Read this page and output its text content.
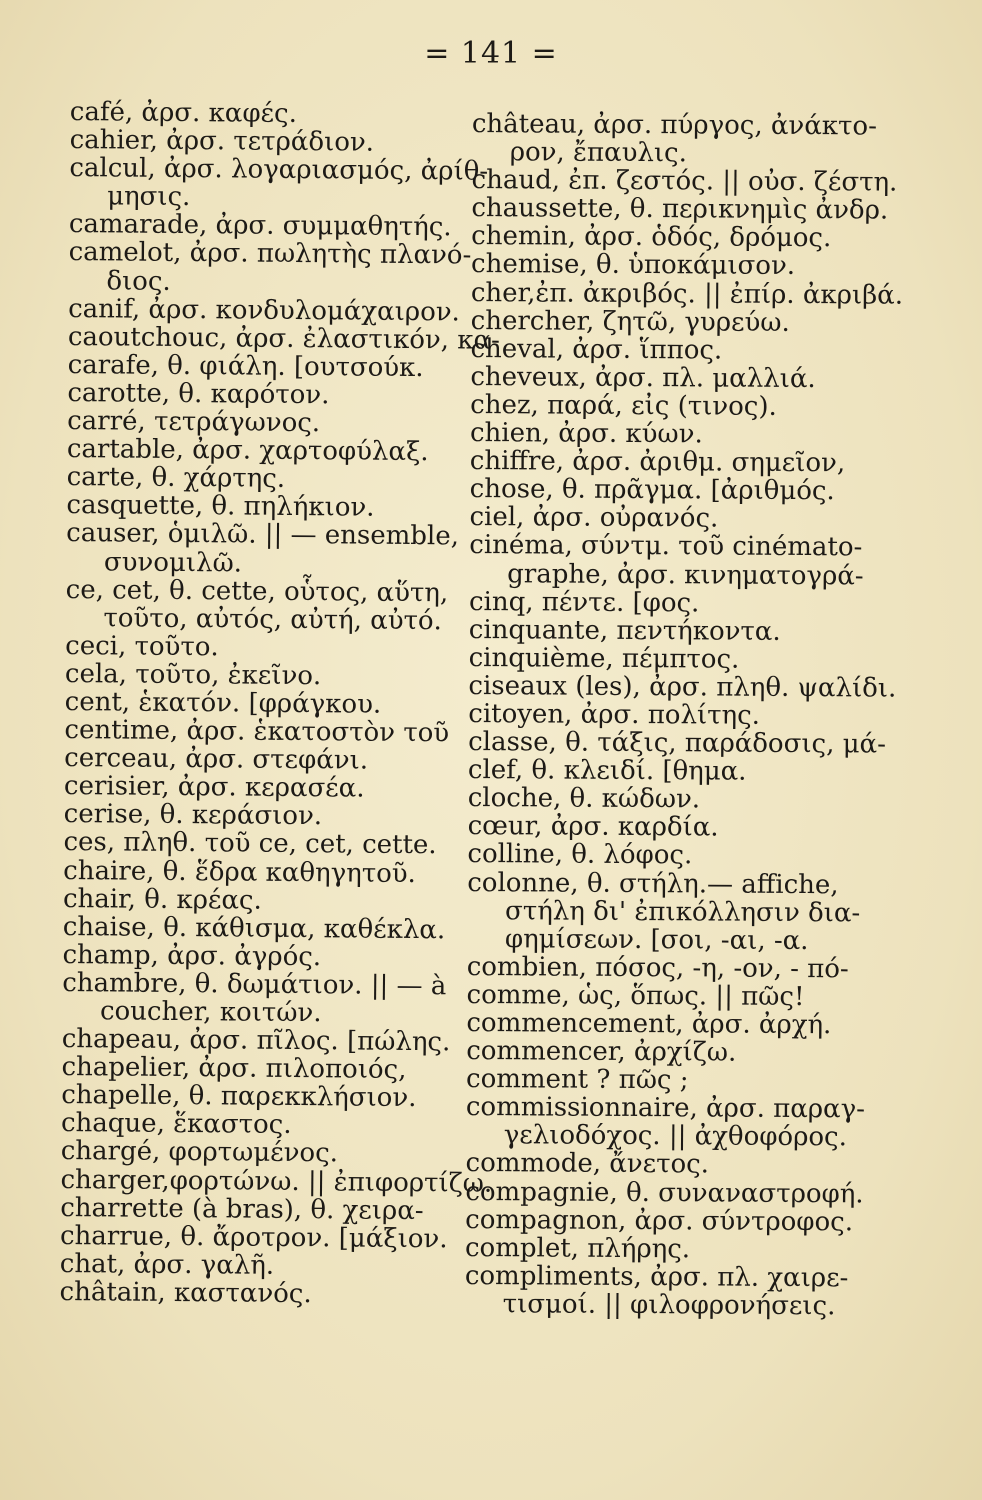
= 141 =
café, ἀρσ. καφές.
cahier, ἀρσ. τετράδιον.
calcul, ἀρσ. λογαριασμός, ἀρίθ-
μησις.
camarade, ἀρσ. συμμαθητής.
camelot, ἀρσ. πωλητὴς πλανό-
διος.
canif, ἀρσ. κονδυλομάχαιρον.
caoutchouc, ἀρσ. ἐλαστικόν, κα-
carafe, θ. φιάλη. [ουτσούκ.
carotte, θ. καρότον.
carré, τετράγωνος.
cartable, ἀρσ. χαρτοφύλαξ.
carte, θ. χάρτης.
casquette, θ. πηλήκιον.
causer, ὁμιλῶ. || — ensemble,
συνομιλῶ.
ce, cet, θ. cette, οὗτος, αὕτη,
τοῦτο, αὐτός, αὐτή, αὐτό.
ceci, τοῦτο.
cela, τοῦτο, ἐκεῖνο.
cent, ἑκατόν. [φράγκου.
centime, ἀρσ. ἑκατοστὸν τοῦ
cerceau, ἀρσ. στεφάνι.
cerisier, ἀρσ. κερασέα.
cerise, θ. κεράσιον.
ces, πληθ. τοῦ ce, cet, cette.
chaire, θ. ἕδρα καθηγητοῦ.
chair, θ. κρέας.
chaise, θ. κάθισμα, καθέκλα.
champ, ἀρσ. ἀγρός.
chambre, θ. δωμάτιον. || — à
coucher, κοιτών.
chapeau, ἀρσ. πῖλος. [πώλης.
chapelier, ἀρσ. πιλοποιός,
chapelle, θ. παρεκκλήσιον.
chaque, ἕκαστος.
chargé, φορτωμένος.
charger,φορτώνω. || ἐπιφορτίζω.
charrette (à bras), θ. χειρα-
charrue, θ. ἄροτρον. [μάξιον.
chat, ἀρσ. γαλῆ.
châtain, καστανός.
château, ἀρσ. πύργος, ἀνάκτο-
ρον, ἔπαυλις.
chaud, ἐπ. ζεστός. || οὐσ. ζέστη.
chaussette, θ. περικνημὶς ἀνδρ.
chemin, ἀρσ. ὁδός, δρόμος.
chemise, θ. ὑποκάμισον.
cher,ἐπ. ἀκριβός. || ἐπίρ. ἀκριβά.
chercher, ζητῶ, γυρεύω.
cheval, ἀρσ. ἵππος.
cheveux, ἀρσ. πλ. μαλλιά.
chez, παρά, εἰς (τινος).
chien, ἀρσ. κύων.
chiffre, ἀρσ. ἀριθμ. σημεῖον,
chose, θ. πρᾶγμα. [ἀριθμός.
ciel, ἀρσ. οὐρανός.
cinéma, σύντμ. τοῦ cinémato-
graphe, ἀρσ. κινηματογρά-
cinq, πέντε. [φος.
cinquante, πεντήκοντα.
cinquième, πέμπτος.
ciseaux (les), ἀρσ. πληθ. ψαλίδι.
citoyen, ἀρσ. πολίτης.
classe, θ. τάξις, παράδοσις, μά-
clef, θ. κλειδί. [θημα.
cloche, θ. κώδων.
cœur, ἀρσ. καρδία.
colline, θ. λόφος.
colonne, θ. στήλη.— affiche,
στήλη δι' ἐπικόλλησιν δια-
φημίσεων. [σοι, -αι, -α.
combien, πόσος, -η, -ον, - πό-
comme, ὡς, ὅπως. || πῶς!
commencement, ἀρσ. ἀρχή.
commencer, ἀρχίζω.
comment ? πῶς ;
commissionnaire, ἀρσ. παραγ-
γελιοδόχος. || ἀχθοφόρος.
commode, ἄνετος.
compagnie, θ. συναναστροφή.
compagnon, ἀρσ. σύντροφος.
complet, πλήρης.
compliments, ἀρσ. πλ. χαιρε-
τισμοί. || φιλοφρονήσεις.
